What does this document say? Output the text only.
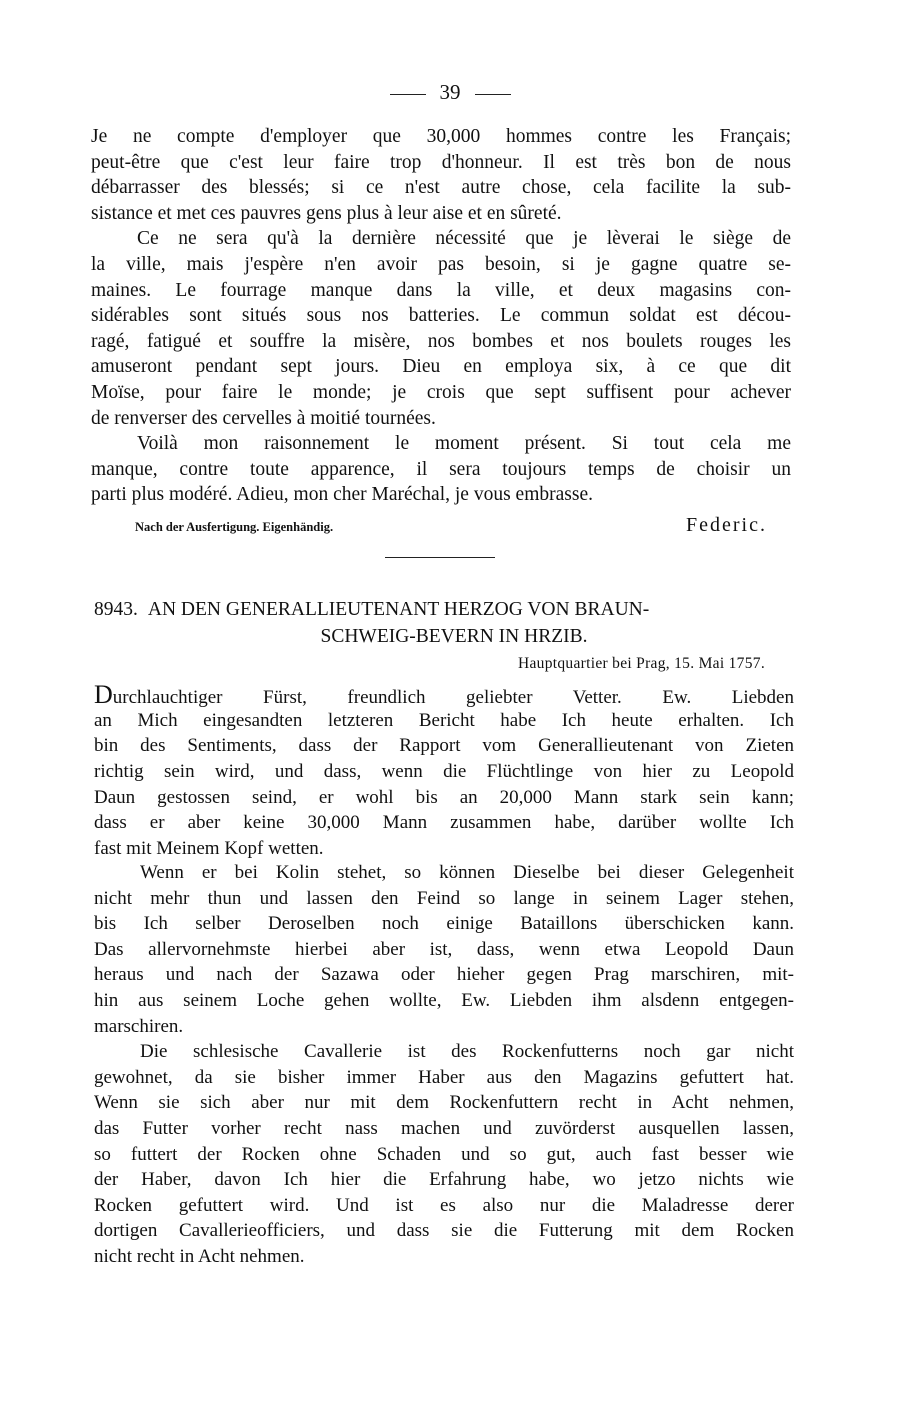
39
Je ne compte d'employer que 30,000 hommes contre les Français;
peut-être que c'est leur faire trop d'honneur. Il est très bon de nous
débarrasser des blessés; si ce n'est autre chose, cela facilite la sub-
sistance et met ces pauvres gens plus à leur aise et en sûreté.
Ce ne sera qu'à la dernière nécessité que je lèverai le siège de
la ville, mais j'espère n'en avoir pas besoin, si je gagne quatre se-
maines. Le fourrage manque dans la ville, et deux magasins con-
sidérables sont situés sous nos batteries. Le commun soldat est décou-
ragé, fatigué et souffre la misère, nos bombes et nos boulets rouges les
amuseront pendant sept jours. Dieu en employa six, à ce que dit
Moïse, pour faire le monde; je crois que sept suffisent pour achever
de renverser des cervelles à moitié tournées.
Voilà mon raisonnement le moment présent. Si tout cela me
manque, contre toute apparence, il sera toujours temps de choisir un
parti plus modéré. Adieu, mon cher Maréchal, je vous embrasse.
Nach der Ausfertigung. Eigenhändig.	Federic.
8943. AN DEN GENERALLIEUTENANT HERZOG VON BRAUN-
SCHWEIG-BEVERN IN HRZIB.
Hauptquartier bei Prag, 15. Mai 1757.
Durchlauchtiger Fürst, freundlich geliebter Vetter. Ew. Liebden
an Mich eingesandten letzteren Bericht habe Ich heute erhalten. Ich
bin des Sentiments, dass der Rapport vom Generallieutenant von Zieten
richtig sein wird, und dass, wenn die Flüchtlinge von hier zu Leopold
Daun gestossen seind, er wohl bis an 20,000 Mann stark sein kann;
dass er aber keine 30,000 Mann zusammen habe, darüber wollte Ich
fast mit Meinem Kopf wetten.
Wenn er bei Kolin stehet, so können Dieselbe bei dieser Gelegenheit
nicht mehr thun und lassen den Feind so lange in seinem Lager stehen,
bis Ich selber Deroselben noch einige Bataillons überschicken kann.
Das allervornehmste hierbei aber ist, dass, wenn etwa Leopold Daun
heraus und nach der Sazawa oder hieher gegen Prag marschiren, mit-
hin aus seinem Loche gehen wollte, Ew. Liebden ihm alsdenn entgegen-
marschiren.
Die schlesische Cavallerie ist des Rockenfutterns noch gar nicht
gewohnet, da sie bisher immer Haber aus den Magazins gefuttert hat.
Wenn sie sich aber nur mit dem Rockenfuttern recht in Acht nehmen,
das Futter vorher recht nass machen und zuvörderst ausquellen lassen,
so futtert der Rocken ohne Schaden und so gut, auch fast besser wie
der Haber, davon Ich hier die Erfahrung habe, wo jetzo nichts wie
Rocken gefuttert wird. Und ist es also nur die Maladresse derer
dortigen Cavallerieofficiers, und dass sie die Futterung mit dem Rocken
nicht recht in Acht nehmen.
